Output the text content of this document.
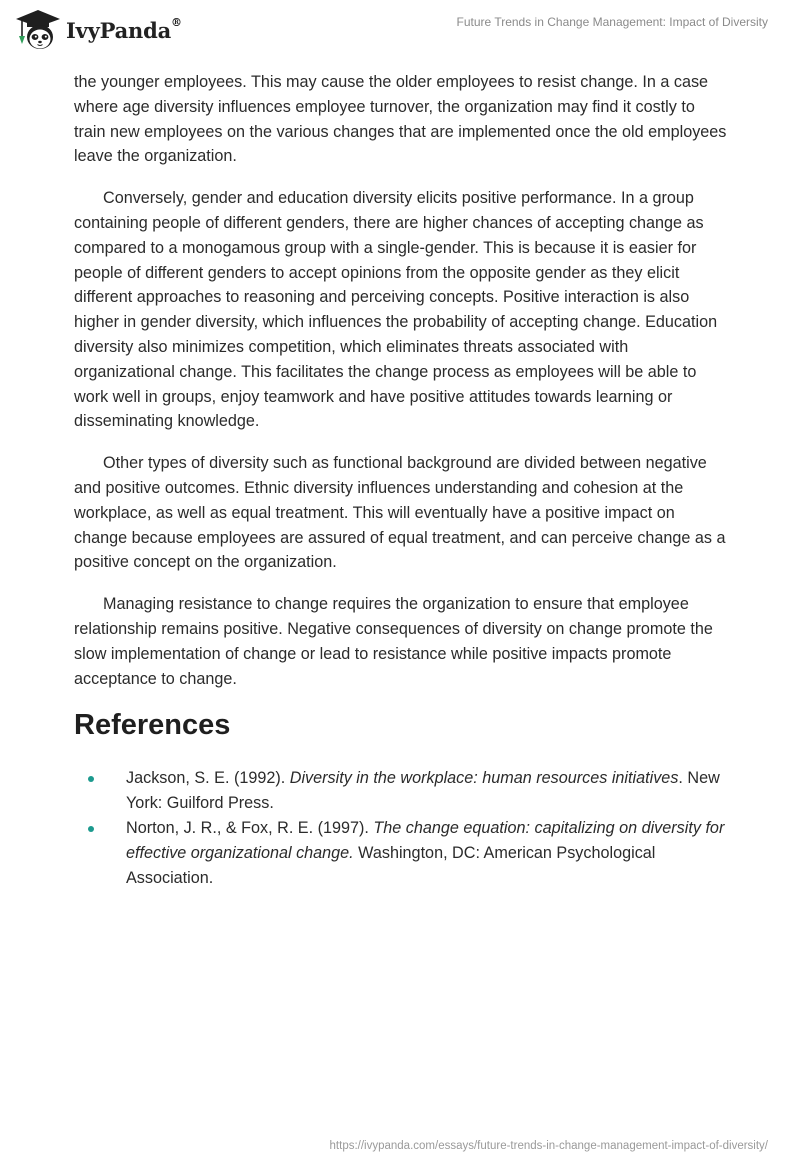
IvyPanda®	Future Trends in Change Management: Impact of Diversity

the younger employees. This may cause the older employees to resist change. In a case where age diversity influences employee turnover, the organization may find it costly to train new employees on the various changes that are implemented once the old employees leave the organization.

Conversely, gender and education diversity elicits positive performance. In a group containing people of different genders, there are higher chances of accepting change as compared to a monogamous group with a single-gender. This is because it is easier for people of different genders to accept opinions from the opposite gender as they elicit different approaches to reasoning and perceiving concepts. Positive interaction is also higher in gender diversity, which influences the probability of accepting change. Education diversity also minimizes competition, which eliminates threats associated with organizational change. This facilitates the change process as employees will be able to work well in groups, enjoy teamwork and have positive attitudes towards learning or disseminating knowledge.

Other types of diversity such as functional background are divided between negative and positive outcomes. Ethnic diversity influences understanding and cohesion at the workplace, as well as equal treatment. This will eventually have a positive impact on change because employees are assured of equal treatment, and can perceive change as a positive concept on the organization.

Managing resistance to change requires the organization to ensure that employee relationship remains positive. Negative consequences of diversity on change promote the slow implementation of change or lead to resistance while positive impacts promote acceptance to change.

References
Jackson, S. E. (1992). Diversity in the workplace: human resources initiatives. New York: Guilford Press.
Norton, J. R., & Fox, R. E. (1997). The change equation: capitalizing on diversity for effective organizational change. Washington, DC: American Psychological Association.
https://ivypanda.com/essays/future-trends-in-change-management-impact-of-diversity/
